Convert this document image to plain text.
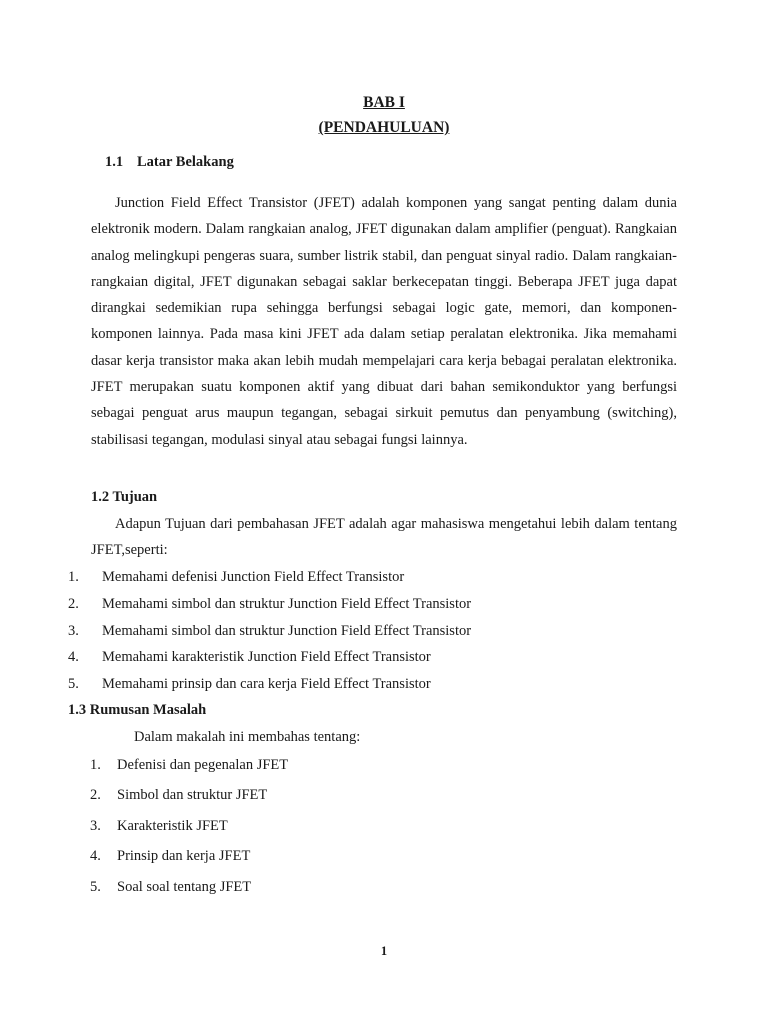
BAB I
(PENDAHULUAN)
1.1 Latar Belakang

Junction Field Effect Transistor (JFET) adalah komponen yang sangat penting dalam dunia elektronik modern. Dalam rangkaian analog, JFET digunakan dalam amplifier (penguat). Rangkaian analog melingkupi pengeras suara, sumber listrik stabil, dan penguat sinyal radio. Dalam rangkaian-rangkaian digital, JFET digunakan sebagai saklar berkecepatan tinggi. Beberapa JFET juga dapat dirangkai sedemikian rupa sehingga berfungsi sebagai logic gate, memori, dan komponen-komponen lainnya. Pada masa kini JFET ada dalam setiap peralatan elektronika. Jika memahami dasar kerja transistor maka akan lebih mudah mempelajari cara kerja bebagai peralatan elektronika. JFET merupakan suatu komponen aktif yang dibuat dari bahan semikonduktor yang berfungsi sebagai penguat arus maupun tegangan, sebagai sirkuit pemutus dan penyambung (switching), stabilisasi tegangan, modulasi sinyal atau sebagai fungsi lainnya.

1.2 Tujuan

Adapun Tujuan dari pembahasan JFET adalah agar mahasiswa mengetahui lebih dalam tentang JFET,seperti:

1. Memahami defenisi Junction Field Effect Transistor
2. Memahami simbol dan struktur Junction Field Effect Transistor
3. Memahami simbol dan struktur Junction Field Effect Transistor
4. Memahami karakteristik Junction Field Effect Transistor
5. Memahami prinsip dan cara kerja Field Effect Transistor
1.3 Rumusan Masalah
Dalam makalah ini membahas tentang:
1. Defenisi dan pegenalan JFET
2. Simbol dan struktur JFET
3. Karakteristik JFET
4. Prinsip dan kerja JFET
5. Soal soal tentang JFET
1
